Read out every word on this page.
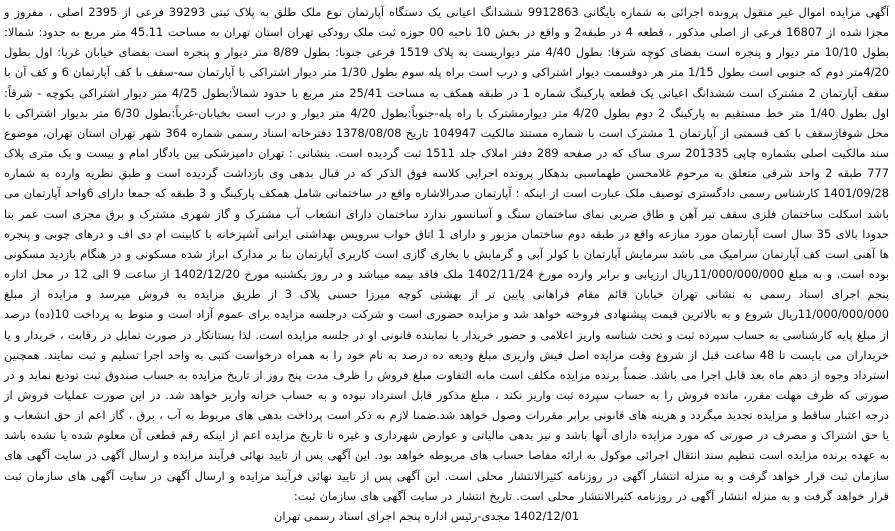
آگهی مزایده اموال غیر منقول پرونده اجرائی به شماره بایگانی 9912863 ششدانگ اعیانی یک دستگاه آپارتمان نوع ملک طلق به پلاک ثبتی 39293 فرعی از 2395 اصلی ، مفروز و مجزا شده از 16807 فرعی از اصلی مذکور ، قطعه 4 در طبقه2 و واقع در بخش 10 ناحیه 00 حوزه ثبت ملک رودکی تهران استان تهران به مساحت 45.11 متر مربع به حدود: شمالا: بطول 10/10 متر دیوار و پنجره است بفضای کوچه شرقا: بطول 4/40 متر دیواریست به پلاک 1519 فرعی جنوبا: بطول 8/89 متر دیوار و پنجره است بفضای خیابان غربا: اول بطول 4/20متر دوم که جنوبی است بطول 1/15 متر هر دوقسمت دیوار اشتراکی و درب است براه پله سوم بطول 1/30 متر دیوار اشتراکی با آپارتمان سه-سقف با کف آپارتمان 6 و کف آن با سقف آپارتمان 2 مشترک است ششدانگ اعیانی یک قطعه پارکینگ شماره 1 در طبقه همکف به مساحت 25/41 متر مربع با حدود شمالاً:بطول 4/25 متر دیوار اشتراکی بکوچه - شرقاً: اول بطول 1/40 متر خط مستقیم به پارکینگ 2 دوم بطول 4/20 متر دیوارمشترک با راه پله-جنوباً:بطول 4/20 متر دیوار و درب است بخیابان-غرباً:بطول 6/30 متر بدیوار اشتراکی با محل شوفاژسقف با کف قسمتی از آپارتمان 1 مشترک است با شماره مستند مالکیت 104947 تاریخ 1378/08/08 دفترخانه اسناد رسمی شماره 364 شهر تهران استان تهران، موضوع سند مالکیت اصلی بشماره چاپی 201335 سری ساک که در صفحه 289 دفتر املاک جلد 1511 ثبت گردیده است. بنشانی : تهران دامپزشکی بین یادگار امام و بیست و یک متری پلاک 777 طبقه 2 واحد شرقی متعلق به مرحوم غلامحسن طهماسبی بدهکار پرونده اجرایی کلاسه فوق الذکر که در قبال بدهی وی بازداشت گردیده است و طبق نظریه وارده به شماره 1401/09/28 کارشناس رسمی دادگستری توصیف ملک عبارت است از اینکه : آپارتمان صدرالاشاره واقع در ساختمانی شامل همکف پارکینگ و 3 طبقه که جمعا دارای 6واحد آپارتمان می باشد اسکلت ساختمان فلزی سقف تیر آهن و طاق ضربی نمای ساختمان سنگ و آسانسور ندارد ساختمان دارای انشعاب آب مشترک و گاز شهری مشترک و برق مجزی است عمر بنا حدودا بالای 35 سال است آپارتمان مورد منازعه واقع در طبقه دوم ساختمان مزبور و دارای 1 اتاق خواب سرویس بهداشتی ایرانی آشپزخانه با کابینت ام دی اف و درهای چوبی و پنجره ها آهنی است کف آپارتمان سرامیک می باشد سرمایش آپارتمان با کولر آبی و گرمایش با بخاری گازی است کاربری آپارتمان بنا بر مدارک ابراز شده مسکونی و در هنگام بازدید مسکونی بوده است. و به مبلغ 11/000/000/000ریال ارزیابی و برابر وارده مورخ 1402/11/24 ملک فاقد بیمه میباشد و در روز یکشنبه مورخ 1402/12/20 از ساعت 9 الی 12 در محل اداره پنجم اجرای اسناد رسمی به نشانی تهران خیابان قائم مقام فراهانی پایین تر از بهشتی کوچه میرزا حسنی پلاک 3 از طریق مزایده به فروش میرسد و مزایده از مبلغ 11/000/000/000ریال شروع و به بالاترین قیمت پیشنهادی فروخته خواهد شد و مزایده حضوری است و شرکت درجلسه مزایده برای عموم آزاد است و منوط به پرداخت 10(ده) درصد از مبلغ پایه کارشناسی به حساب سپرده ثبت و تحت شناسه واریز اعلامی و حضور خریدار یا نماینده قانونی او در جلسه مزایده است. لذا بستانکار در صورت تمایل در رقابت ، خریدار و یا خریداران می بایست تا 48 ساعت قبل از شروع وقت مزایده اصل فیش واریزی مبلغ ودیعه ده درصد به نام خود را به همراه درخواست کتبی به واحد اجرا تسلیم و ثبت نمایند. همچنین استرداد وجوه از دهم ماه بعد قابل اجرا می باشد. ضمناً برنده مزایده مکلف است مابه التفاوت مبلغ فروش را ظرف مدت پنج روز از تاریخ مزایده به حساب صندوق ثبت تودیع نماید و در صورتی که ظرف مهلت مقرر، مانده فروش را به حساب سپرده ثبت واریز نکند ، مبلغ مذکور قابل استرداد نبوده و به حساب خزانه واریز خواهد شد. در این صورت عملیات فروش از درجه اعتبار ساقط و مزایده تجدید میگردد و هزینه های قانونی برابر مقررات وصول خواهد شد.ضمنا لازم به ذکر است پرداخت بدهی های مربوط به آب ، برق ، گاز اعم از حق انشعاب و یا حق اشتراک و مصرف در صورتی که مورد مزایده دارای آنها باشد و نیز بدهی مالیاتی و عوارض شهرداری و غیره تا تاریخ مزایده اعم از اینکه رقم قطعی آن معلوم شده یا نشده باشد به عهده برنده مزایده است تنظیم سند انتقال اجرائی موکول به ارائه مفاصا حساب های مربوطه خواهد بود. این آگهی پس از تایید نهائی فرآیند مزایده و ارسال آگهی در سایت آگهی های سازمان ثبت قرار خواهد گرفت و به منزله انتشار آگهی در روزنامه کثیرالانتشار محلی است. این آگهی پس از تایید نهائی فرآیند مزایده و ارسال آگهی در سایت آگهی های سازمان ثبت قرار خواهد گرفت و به منزله انتشار آگهی در روزنامه کثیرالانتشار محلی است. تاریخ انتشار در سایت آگهی های سازمان ثبت:

1402/12/01 مجدی-رئیس اداره پنجم اجرای اسناد رسمی تهران
